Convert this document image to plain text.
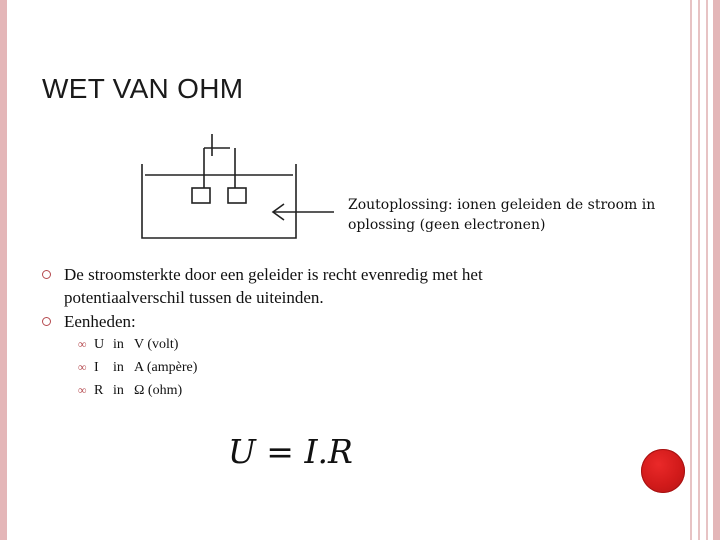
WET VAN OHM
Zoutoplossing: ionen geleiden de stroom in
oplossing (geen electronen)
De stroomsterkte door een geleider is recht evenredig met het
potentiaalverschil tussen de uiteinden.
Eenheden:
∞ U in V (volt)
∞ I in A (ampère)
∞ R in Ω (ohm)
U = I.R
